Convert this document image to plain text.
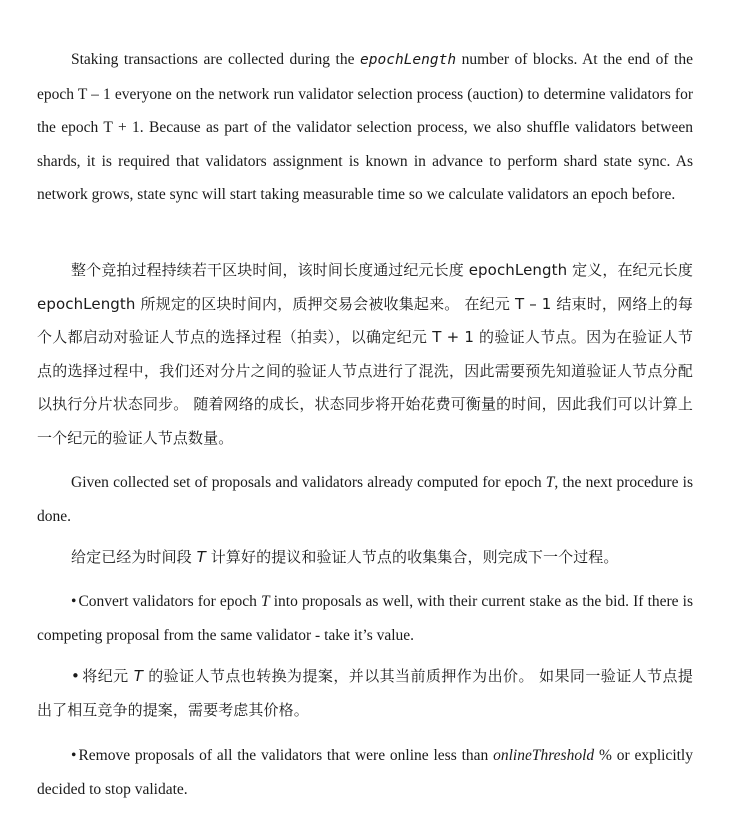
Staking transactions are collected during the epochLength number of blocks. At the end of the epoch T – 1 everyone on the network run validator selection process (auction) to determine validators for the epoch T + 1. Because as part of the validator selection process, we also shuffle validators between shards, it is required that validators assignment is known in advance to perform shard state sync. As network grows, state sync will start taking measurable time so we calculate validators an epoch before.

整个竞拍过程持续若干区块时间，该时间长度通过纪元长度 epochLength 定义，在纪元长度 epochLength 所规定的区块时间内，质押交易会被收集起来。 在纪元 T – 1 结束时，网络上的每个人都启动对验证人节点的选择过程（拍卖），以确定纪元 T + 1 的验证人节点。因为在验证人节点的选择过程中，我们还对分片之间的验证人节点进行了混洗，因此需要预先知道验证人节点分配以执行分片状态同步。 随着网络的成长，状态同步将开始花费可衡量的时间，因此我们可以计算上一个纪元的验证人节点数量。

Given collected set of proposals and validators already computed for epoch T, the next procedure is done.

给定已经为时间段 T 计算好的提议和验证人节点的收集集合，则完成下一个过程。

• Convert validators for epoch T into proposals as well, with their current stake as the bid. If there is competing proposal from the same validator - take it’s value.

• 将纪元 T 的验证人节点也转换为提案，并以其当前质押作为出价。 如果同一验证人节点提出了相互竞争的提案，需要考虑其价格。

• Remove proposals of all the validators that were online less than onlineThreshold % or explicitly decided to stop validate.
